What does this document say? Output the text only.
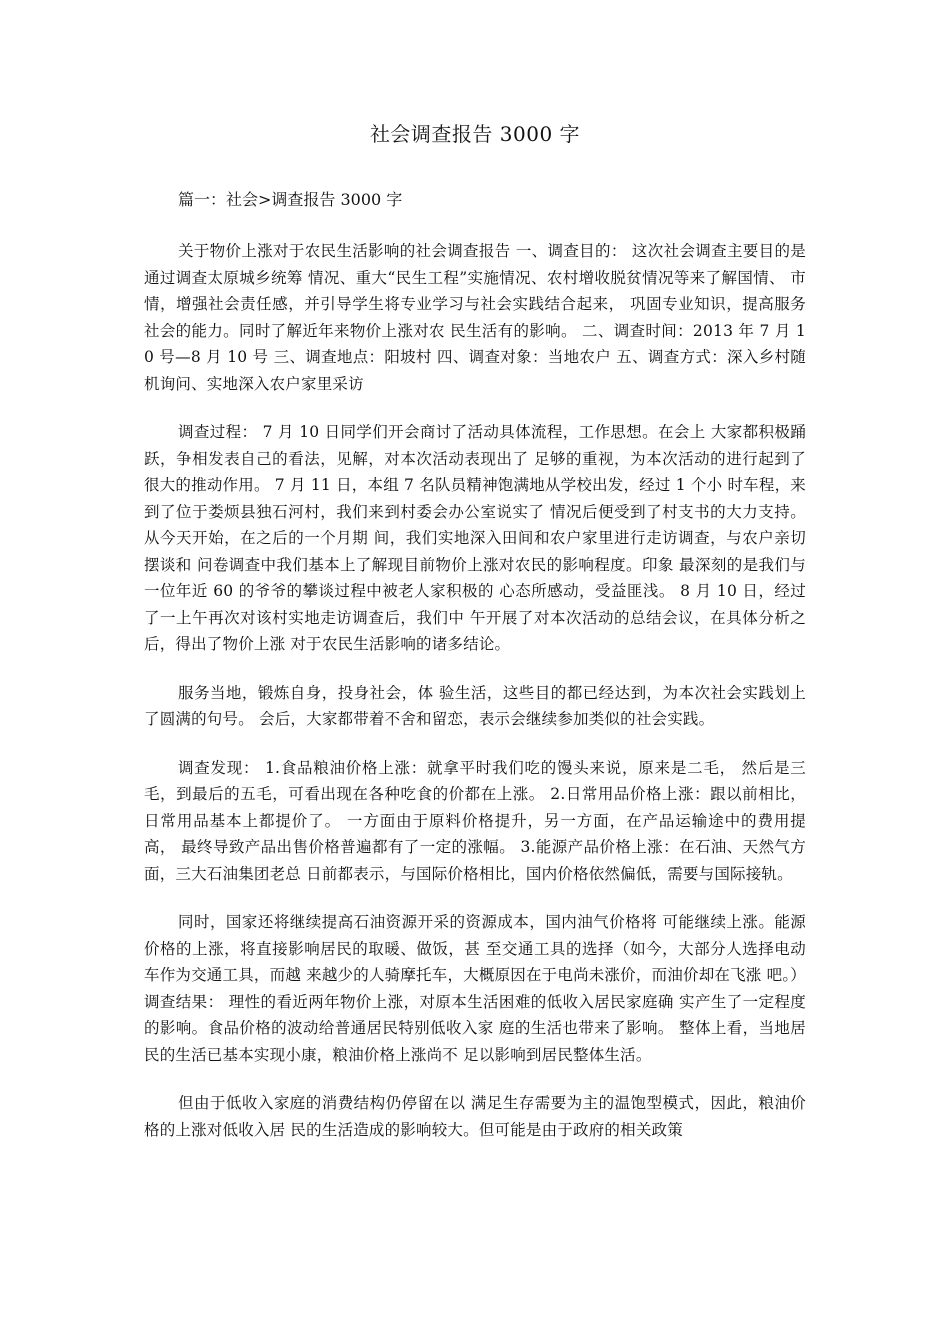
社会调查报告 3000 字
篇一：社会>调查报告 3000 字

关于物价上涨对于农民生活影响的社会调查报告 一、调查目的： 这次社会调查主要目的是通过调查太原城乡统筹 情况、重大“民生工程”实施情况、农村增收脱贫情况等来了解国情、 市情，增强社会责任感，并引导学生将专业学习与社会实践结合起来， 巩固专业知识，提高服务社会的能力。同时了解近年来物价上涨对农 民生活有的影响。 二、调查时间：2013 年 7 月 10 号—8 月 10 号 三、调查地点：阳坡村 四、调查对象：当地农户 五、调查方式：深入乡村随机询问、实地深入农户家里采访

调查过程： 7 月 10 日同学们开会商讨了活动具体流程，工作思想。在会上 大家都积极踊跃，争相发表自己的看法，见解，对本次活动表现出了 足够的重视，为本次活动的进行起到了很大的推动作用。 7 月 11 日，本组 7 名队员精神饱满地从学校出发，经过 1 个小 时车程，来到了位于娄烦县独石河村，我们来到村委会办公室说实了 情况后便受到了村支书的大力支持。从今天开始，在之后的一个月期 间，我们实地深入田间和农户家里进行走访调查，与农户亲切摆谈和 问卷调查中我们基本上了解现目前物价上涨对农民的影响程度。印象 最深刻的是我们与一位年近 60 的爷爷的攀谈过程中被老人家积极的 心态所感动，受益匪浅。 8 月 10 日，经过了一上午再次对该村实地走访调查后，我们中 午开展了对本次活动的总结会议，在具体分析之后，得出了物价上涨 对于农民生活影响的诸多结论。

服务当地，锻炼自身，投身社会，体 验生活，这些目的都已经达到，为本次社会实践划上了圆满的句号。 会后，大家都带着不舍和留恋，表示会继续参加类似的社会实践。

调查发现： 1.食品粮油价格上涨：就拿平时我们吃的馒头来说，原来是二毛， 然后是三毛，到最后的五毛，可看出现在各种吃食的价都在上涨。 2.日常用品价格上涨：跟以前相比，日常用品基本上都提价了。 一方面由于原料价格提升，另一方面，在产品运输途中的费用提高， 最终导致产品出售价格普遍都有了一定的涨幅。 3.能源产品价格上涨：在石油、天然气方面，三大石油集团老总 日前都表示，与国际价格相比，国内价格依然偏低，需要与国际接轨。

同时，国家还将继续提高石油资源开采的资源成本，国内油气价格将 可能继续上涨。能源价格的上涨，将直接影响居民的取暖、做饭，甚 至交通工具的选择（如今，大部分人选择电动车作为交通工具，而越 来越少的人骑摩托车，大概原因在于电尚未涨价，而油价却在飞涨 吧。） 调查结果： 理性的看近两年物价上涨，对原本生活困难的低收入居民家庭确 实产生了一定程度的影响。食品价格的波动给普通居民特别低收入家 庭的生活也带来了影响。 整体上看，当地居民的生活已基本实现小康，粮油价格上涨尚不 足以影响到居民整体生活。

但由于低收入家庭的消费结构仍停留在以 满足生存需要为主的温饱型模式，因此，粮油价格的上涨对低收入居 民的生活造成的影响较大。但可能是由于政府的相关政策
